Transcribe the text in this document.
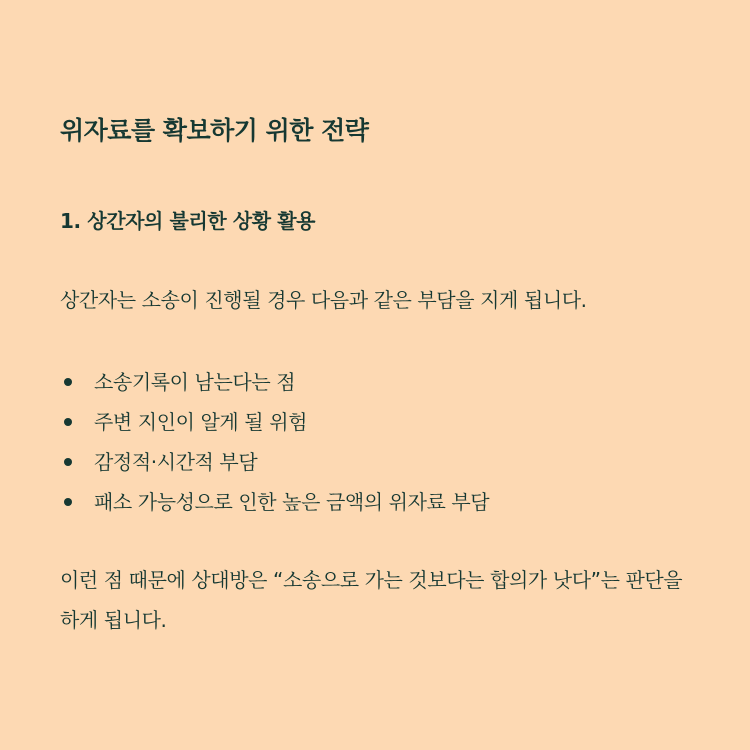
위자료를 확보하기 위한 전략
1. 상간자의 불리한 상황 활용

상간자는 소송이 진행될 경우 다음과 같은 부담을 지게 됩니다.

소송기록이 남는다는 점
주변 지인이 알게 될 위험
감정적·시간적 부담
패소 가능성으로 인한 높은 금액의 위자료 부담

이런 점 때문에 상대방은 “소송으로 가는 것보다는 합의가 낫다”는 판단을 하게 됩니다.
